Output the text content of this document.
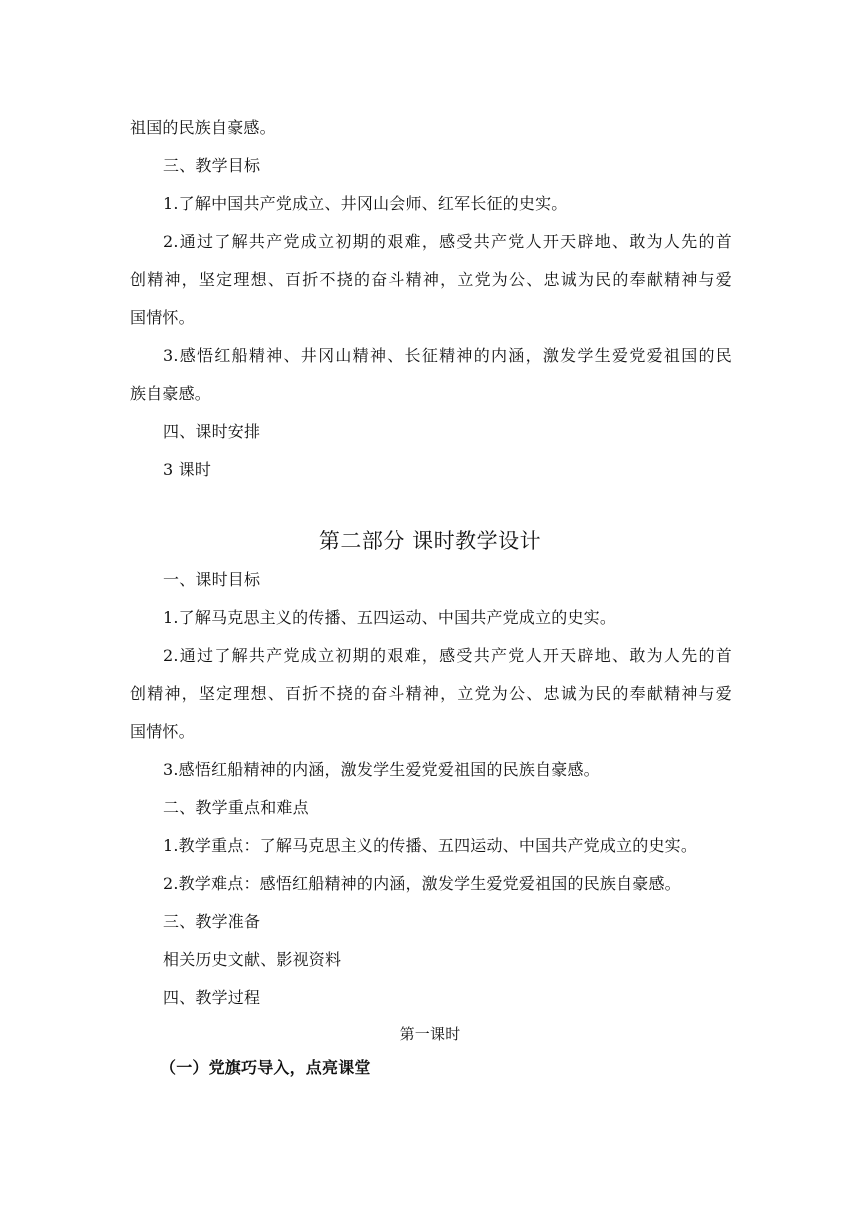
祖国的民族自豪感。
三、教学目标
1.了解中国共产党成立、井冈山会师、红军长征的史实。
2.通过了解共产党成立初期的艰难，感受共产党人开天辟地、敢为人先的首
创精神，坚定理想、百折不挠的奋斗精神，立党为公、忠诚为民的奉献精神与爱
国情怀。
3.感悟红船精神、井冈山精神、长征精神的内涵，激发学生爱党爱祖国的民
族自豪感。
四、课时安排
3 课时
第二部分 课时教学设计
一、课时目标
1.了解马克思主义的传播、五四运动、中国共产党成立的史实。
2.通过了解共产党成立初期的艰难，感受共产党人开天辟地、敢为人先的首
创精神，坚定理想、百折不挠的奋斗精神，立党为公、忠诚为民的奉献精神与爱
国情怀。
3.感悟红船精神的内涵，激发学生爱党爱祖国的民族自豪感。
二、教学重点和难点
1.教学重点：了解马克思主义的传播、五四运动、中国共产党成立的史实。
2.教学难点：感悟红船精神的内涵，激发学生爱党爱祖国的民族自豪感。
三、教学准备
相关历史文献、影视资料
四、教学过程
第一课时
（一）党旗巧导入，点亮课堂
